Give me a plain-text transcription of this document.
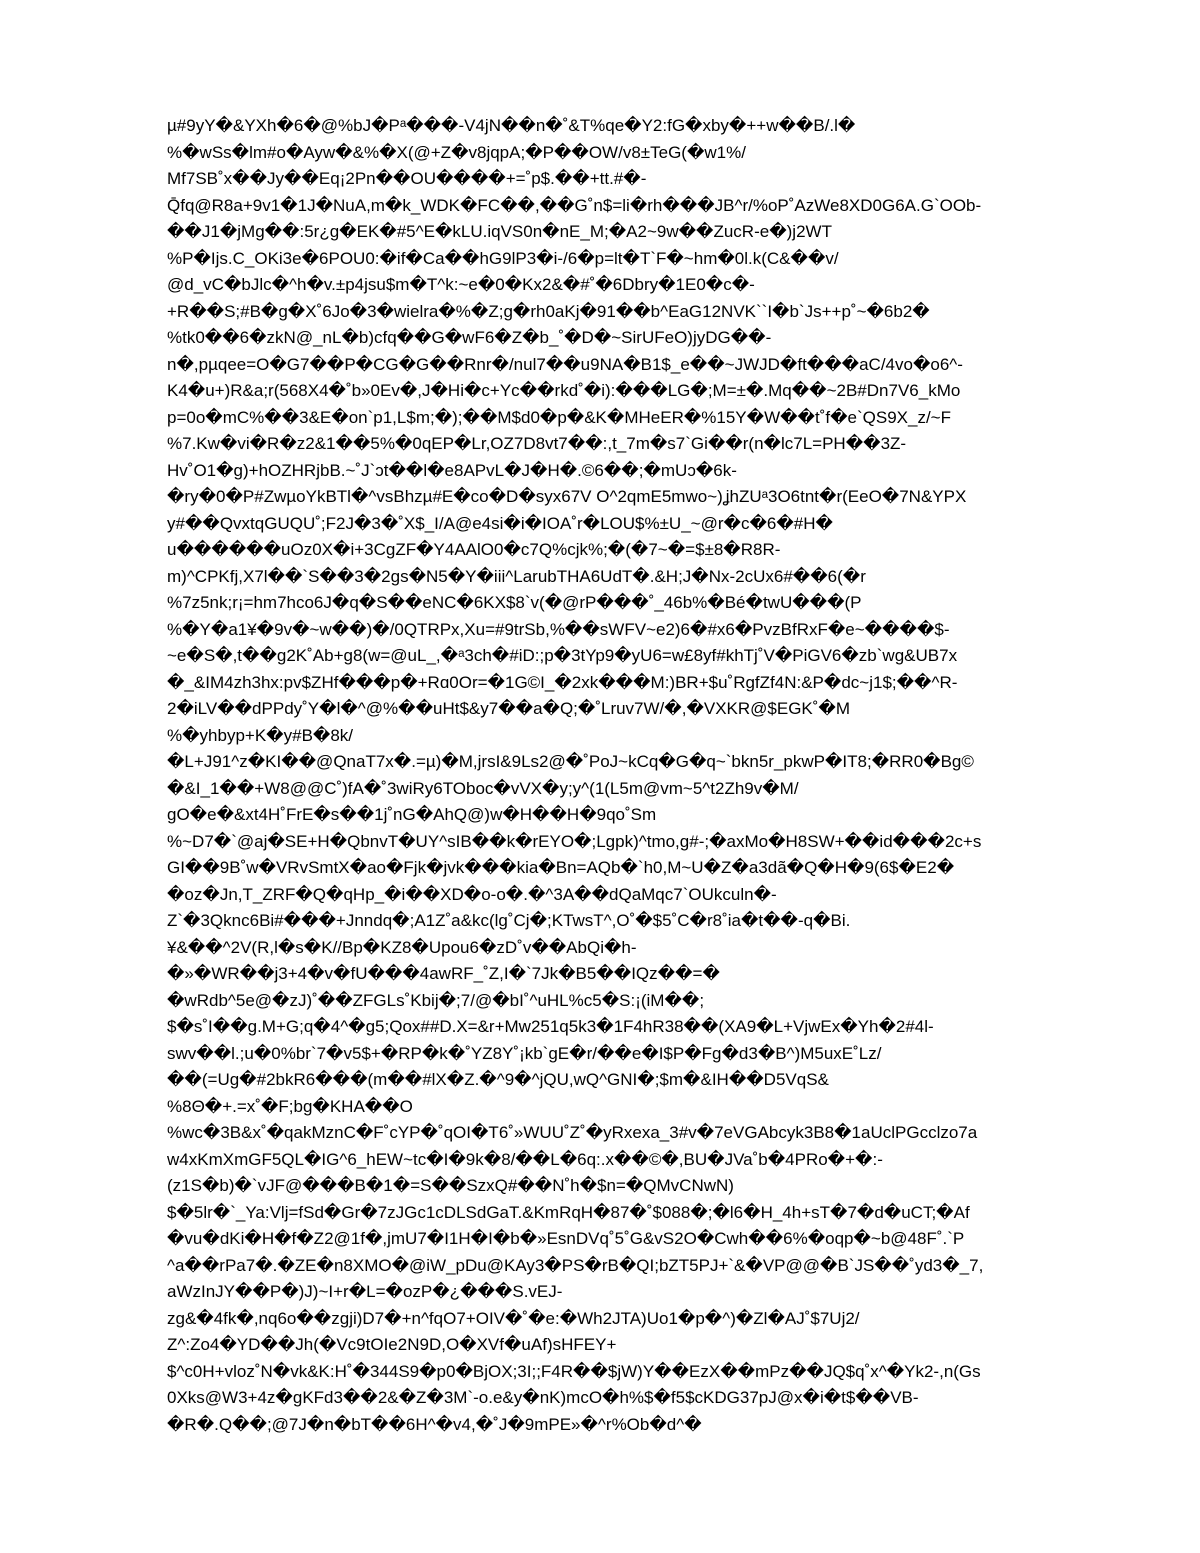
µ#9yY�&YXh�6�@%bJ�Pᵃ���-V4jN��n�˚&T%qe�Y2:fG�xby�++w��B/.l�
%�wSs�lm#o�Ayw�&%�X(@+Z�v8jqpA;�P��OW/v8±TeG(�w1%/
Mf7SB˚x��Jy��Eq¡2Pn��OU����+=˚p$.��+tt.#�-
Q̄fq@R8a+9v1�1J�NuA,m�k_WDK�FC��,��G˚n$=li�rh���JB^r/%oP˚AzWe8XD0G6A.G`OOb-
��J1�jMg��:5r¿g�EK�#5^E�kLU.iqVS0n�nE_M;�A2~9w��ZucR-e�)j2WT
%P�Ijs.C_OKi3e�6POU0:�if�Ca��hG9lP3�i-/6�p=lt�T`F�~hm�0l.k(C&��v/
@d_vC�bJlc�^h�v.±p4jsu$m�T^k:~e�0�Kx2&�#˚�6Dbry�1E0�c�-
+R��S;#B�g�X˚6Jo�3�wielra�%�Z;g�rh0aKj�91��b^EaG12NVK``I�b`Js++p˚~�6b2�
%tk0��6�zkN@_nL�b)cfq��G�wF6�Z�b_˚�D�~SirUFeO)jyDG��-
n�,pµqee=O�G7��P�CG�G��Rnr�/nul7��u9NA�B1$_e��~JWJD�ft���aC/4vo�o6^-
K4�u+)R&a;r(568X4�˚b»0Ev�,J�Hi�c+Yc��rkd˚�i):���LG�;M=±�.Mq��~2B#Dn7V6_kMo
p=0o�mC%��3&E�on`p1,L$m;�);��M$d0�p�&K�MHeER�%15Y�W��t˚f�e`QS9X_z/~F
%7.Kw�vi�R�z2&1��5%�0qEP�Lr,OZ7D8vt7��:,t_7m�s7`Gi��r(n�lc7L=PH��3Z-
Hv˚O1�g)+hOZHRjbB.~˚J`ɔt��l�e8APvL�J�H�.©6��;�mUɔ�6k-
�ry�0�P#ZwµoYkBTl�^vsBhzµ#E�co�D�syx67V O^2qmE5mwo~)ʝhZUᵃ3O6tnt�r(EeO�7N&YPX
y#��QvxtqGUQU˚;F2J�3�˚X$_I/A@e4si�i�IOA˚r�LOU$%±U_~@r�c�6�#H�
u������uOz0X�i+3CgZF�Y4AAlO0�c7Q%cjk%;�(�7~�=$±8�R8R-
m)^CPKfj,X7l��`S��3�2gs�N5�Y�iii^LarubTHA6UdT�.&H;J�Nx-2cUx6#��6(�r
%7z5nk;r¡=hm7hco6J�q�S��eNC�6KX$8`v(�@rP���˚_46b%�Bé�twU���(P
%�Y�a1¥�9v�~w��)�/0QTRPx,Xu=#9trSb,%��sWFV~e2)6�#x6�PvzBfRxF�e~����$-
~e�S�,t��g2K˚Ab+g8(w=@uL_,�ᵃ3ch�#iD:;p�3tYp9�yU6=w£8yf#khTj˚V�PiGV6�zb`wg&UB7x
�_&IM4zh3hx:pv$ZHf���p�+Rɑ0Or=�1G©I_�2xk���M:)BR+$u˚RgfZf4N:&P�dc~j1$;��^R-
2�iLV��dPPdy˚Y�l�^@%��uHt$&y7��a�Q;�˚Lruv7W/�,�VXKR@$EGK˚�M
%�yhbyp+K�y#B�8k/
�L+J91^z�KI��@QnaT7x�.=µ)�M,jrsI&9Ls2@�˚PoJ~kCq�G�q~`bkn5r_pkwP�IT8;�RR0�Bg©
�&I_1��+W8@@C˚)fA�˚3wiRy6TOboc�vVX�y;y^(1(L5m@vm~5^t2Zh9v�M/
gO�e�&xt4H˚FrE�s��1j˚nG�AhQ@)w�H��H�9qo˚Sm
%~D7�`@aj�SE+H�QbnvT�UY^sIB��k�rEYO�;Lgpk)^tmo,g#-;�axMo�H8SW+��id���2c+s
GI��9B˚w�VRvSmtX�ao�Fjk�jvk���kia�Bn=AQb�`h0,M~U�Z�a3dã�Q�H�9(6$�E2�
�oz�Jn,T_ZRF�Q�qHp_�i��XD�o-o�.�^3A��dQaMqc7`OUkculn�-
Z`�3Qknc6Bi#���+Jnndq�;A1Z˚a&kc(lg˚Cj�;KTwsT^,O˚�$5˚C�r8˚ia�t��-q�Bi.
¥&��^2V(R,l�s�K//Bp�KZ8�Upou6�zD˚v��AbQi�h-
�»�WR��j3+4�v�fU���4awRF_˚Z,I�`7Jk�B5��IQz��=�
�wRdb^5e@�zJ)˚��ZFGLs˚Kbij�;7/@�bI˚^uHL%c5�S:¡(iM��;
$�s˚I��g.M+G;q�4^�g5;Qox##D.X=&r+Mw251q5k3�1F4hR38��(XA9�L+VjwEx�Yh�2#4l-
swv��l.;u�0%br`7�v5$+�RP�k�˚YZ8Y˚¡kb`gE�r/��e�I$P�Fg�d3�B^)M5uxE˚Lz/
��(=Ug�#2bkR6���(m��#lX�Z.�^9�^jQU,wQ^GNI�;$m�&IH��D5VqS&
%8Θ�+.=x˚�F;bg�KHA��O
%wc�3B&x˚�qakMznC�F˚cYP�˚qOI�T6˚»WUU˚Z˚�yRxexa_3#v�7eVGAbcyk3B8�1aUclPGcclzo7a
w4xKmXmGF5QL�IG^6_hEW~tc�I�9k�8/��L�6q:.x��©�,BU�JVa˚b�4PRo�+�:-
(z1S�b)�`vJF@���B�1�=S��SzxQ#��N˚h�$n=�QMvCNwN)
$�5lr�`_Ya:Vlj=fSd�Gr�7zJGc1cDLSdGaT.&KmRqH�87�˚$088�;�l6�H_4h+sT�7�d�uCT;�Af
�vu�dKi�H�f�Z2@1f�,jmU7�I1H�I�b�»EsnDVq˚5˚G&vS2O�Cwh��6%�oqp�~b@48F˚.`P
^a��rPa7�.�ZE�n8XMO�@iW_pDu@KAy3�PS�rB�QI;bZT5PJ+`&�VP@@�B`JS��˚yd3�_7,
aWzInJY��P�)J)~I+r�L=�ozP�¿���S.vEJ-
zg&�4fk�,nq6o��zgji)D7�+n^fqO7+OIV�˚�e:�Wh2JTA)Uo1�p�^)�Zl�AJ˚$7Uj2/
Z^:Zo4�YD��Jh(�Vc9tOIe2N9D,O�XVf�uAf)sHFEY+
$^c0H+vloz˚N�vk&K:H˚�344S9�p0�BjOX;3I;;F4R��$jW)Y��EzX��mPz��JQ$q˚x^�Yk2-,n(Gs
0Xks@W3+4z�gKFd3��2&�Z�3M`-o.e&y�nK)mcO�h%$�f5$cKDG37pJ@x�i�t$��VB-
�R�.Q��;@7J�n�bT��6H^�v4,�˚J�9mPE»�^r%Ob�d^�
